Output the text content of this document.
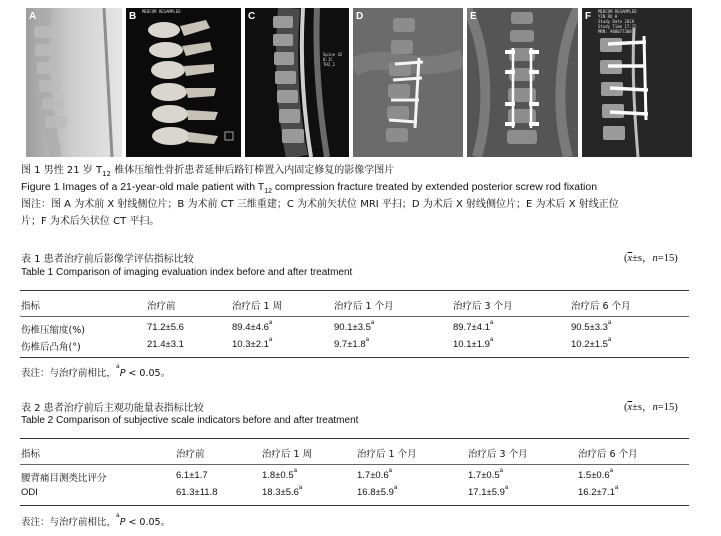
A	B MEDCOM RESAMPLED	C
Spine 42
0:1C
TH2_1
D	E	F MEDCOM RESAMPLED
YIN RU H
Study Date 2018
Study Time 17:15
MRN: 900077300
图 1 男性 21 岁 $T_{12}$ 椎体压缩性骨折患者延伸后路钉棒置入内固定修复的影像学图片
Figure 1 Images of a 21-year-old male patient with $T_{12}$ compression fracture treated by extended posterior screw rod fixation
图注：图 A 为术前 X 射线侧位片；B 为术前 CT 三维重建；C 为术前矢状位 MRI 平扫；D 为术后 X 射线侧位片；E 为术后 X 射线正位
片；F 为术后矢状位 CT 平扫。
表 1 患者治疗前后影像学评估指标比较	($\overline{x}\pm s$，n=15)
Table 1 Comparison of imaging evaluation index before and after treatment
指标	治疗前	治疗后 1 周	治疗后 1 个月	治疗后 3 个月	治疗后 6 个月
伤椎压缩度(%)	71.2±5.6	89.4±4.6$^a$	90.1±3.5$^a$	89.7±4.1$^a$	90.5±3.3$^a$
伤椎后凸角(°)	21.4±3.1	10.3±2.1$^a$	9.7±1.8$^a$	10.1±1.9$^a$	10.2±1.5$^a$
表注：与治疗前相比，$^a$P < 0.05。
表 2 患者治疗前后主观功能量表指标比较	($\overline{x}\pm s$，n=15)
Table 2 Comparison of subjective scale indicators before and after treatment
指标	治疗前	治疗后 1 周	治疗后 1 个月	治疗后 3 个月	治疗后 6 个月
腰背痛目测类比评分	6.1±1.7	1.8±0.5$^a$	1.7±0.6$^a$	1.7±0.5$^a$	1.5±0.6$^a$
ODI	61.3±11.8	18.3±5.6$^a$	16.8±5.9$^a$	17.1±5.9$^a$	16.2±7.1$^a$
表注：与治疗前相比，$^a$P < 0.05。
